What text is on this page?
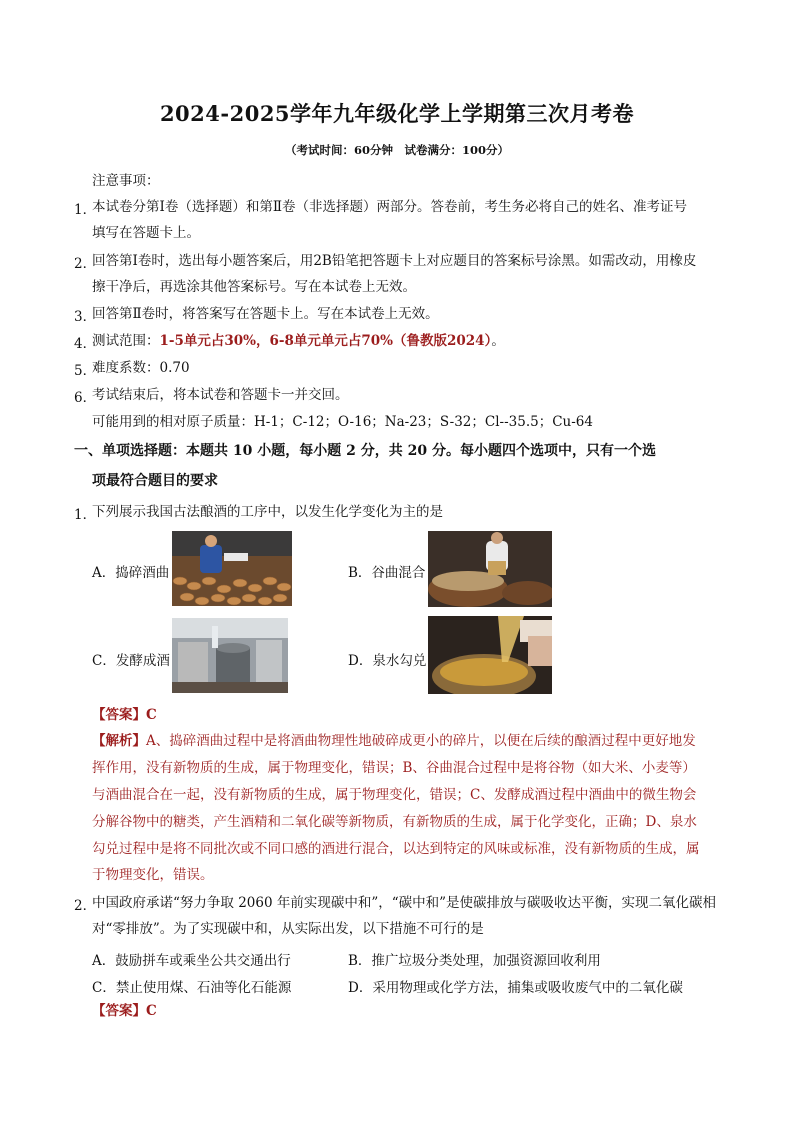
2024-2025学年九年级化学上学期第三次月考卷
（考试时间：60分钟　试卷满分：100分）
注意事项：
1．
本试卷分第Ⅰ卷（选择题）和第Ⅱ卷（非选择题）两部分。答卷前，考生务必将自己的姓名、准考证号
填写在答题卡上。
2．
回答第Ⅰ卷时，选出每小题答案后，用2B铅笔把答题卡上对应题目的答案标号涂黑。如需改动，用橡皮
擦干净后，再选涂其他答案标号。写在本试卷上无效。
3．
回答第Ⅱ卷时，将答案写在答题卡上。写在本试卷上无效。
4．
测试范围：1-5单元占30%，6-8单元单元占70%（鲁教版2024）。
5．
难度系数：0.70
6．
考试结束后，将本试卷和答题卡一并交回。
可能用到的相对原子质量：H-1；C-12；O-16；Na-23；S-32；Cl--35.5；Cu-64
一、单项选择题：本题共 10 小题，每小题 2 分，共 20 分。每小题四个选项中，只有一个选
项最符合题目的要求
1．
下列展示我国古法酿酒的工序中，以发生化学变化为主的是
A．捣碎酒曲	B．谷曲混合
C．发酵成酒	D．泉水勾兑
【答案】C
【解析】A、捣碎酒曲过程中是将酒曲物理性地破碎成更小的碎片，以便在后续的酿酒过程中更好地发
挥作用，没有新物质的生成，属于物理变化，错误；B、谷曲混合过程中是将谷物（如大米、小麦等）
与酒曲混合在一起，没有新物质的生成，属于物理变化，错误；C、发酵成酒过程中酒曲中的微生物会
分解谷物中的糖类，产生酒精和二氧化碳等新物质，有新物质的生成，属于化学变化，正确；D、泉水
勾兑过程中是将不同批次或不同口感的酒进行混合，以达到特定的风味或标准，没有新物质的生成，属
于物理变化，错误。
2．
中国政府承诺“努力争取 2060 年前实现碳中和”，“碳中和”是使碳排放与碳吸收达平衡，实现二氧化碳相
对“零排放”。为了实现碳中和，从实际出发，以下措施不可行的是
A．鼓励拼车或乘坐公共交通出行	B．推广垃圾分类处理，加强资源回收利用
C．禁止使用煤、石油等化石能源	D．采用物理或化学方法，捕集或吸收废气中的二氧化碳
【答案】C
